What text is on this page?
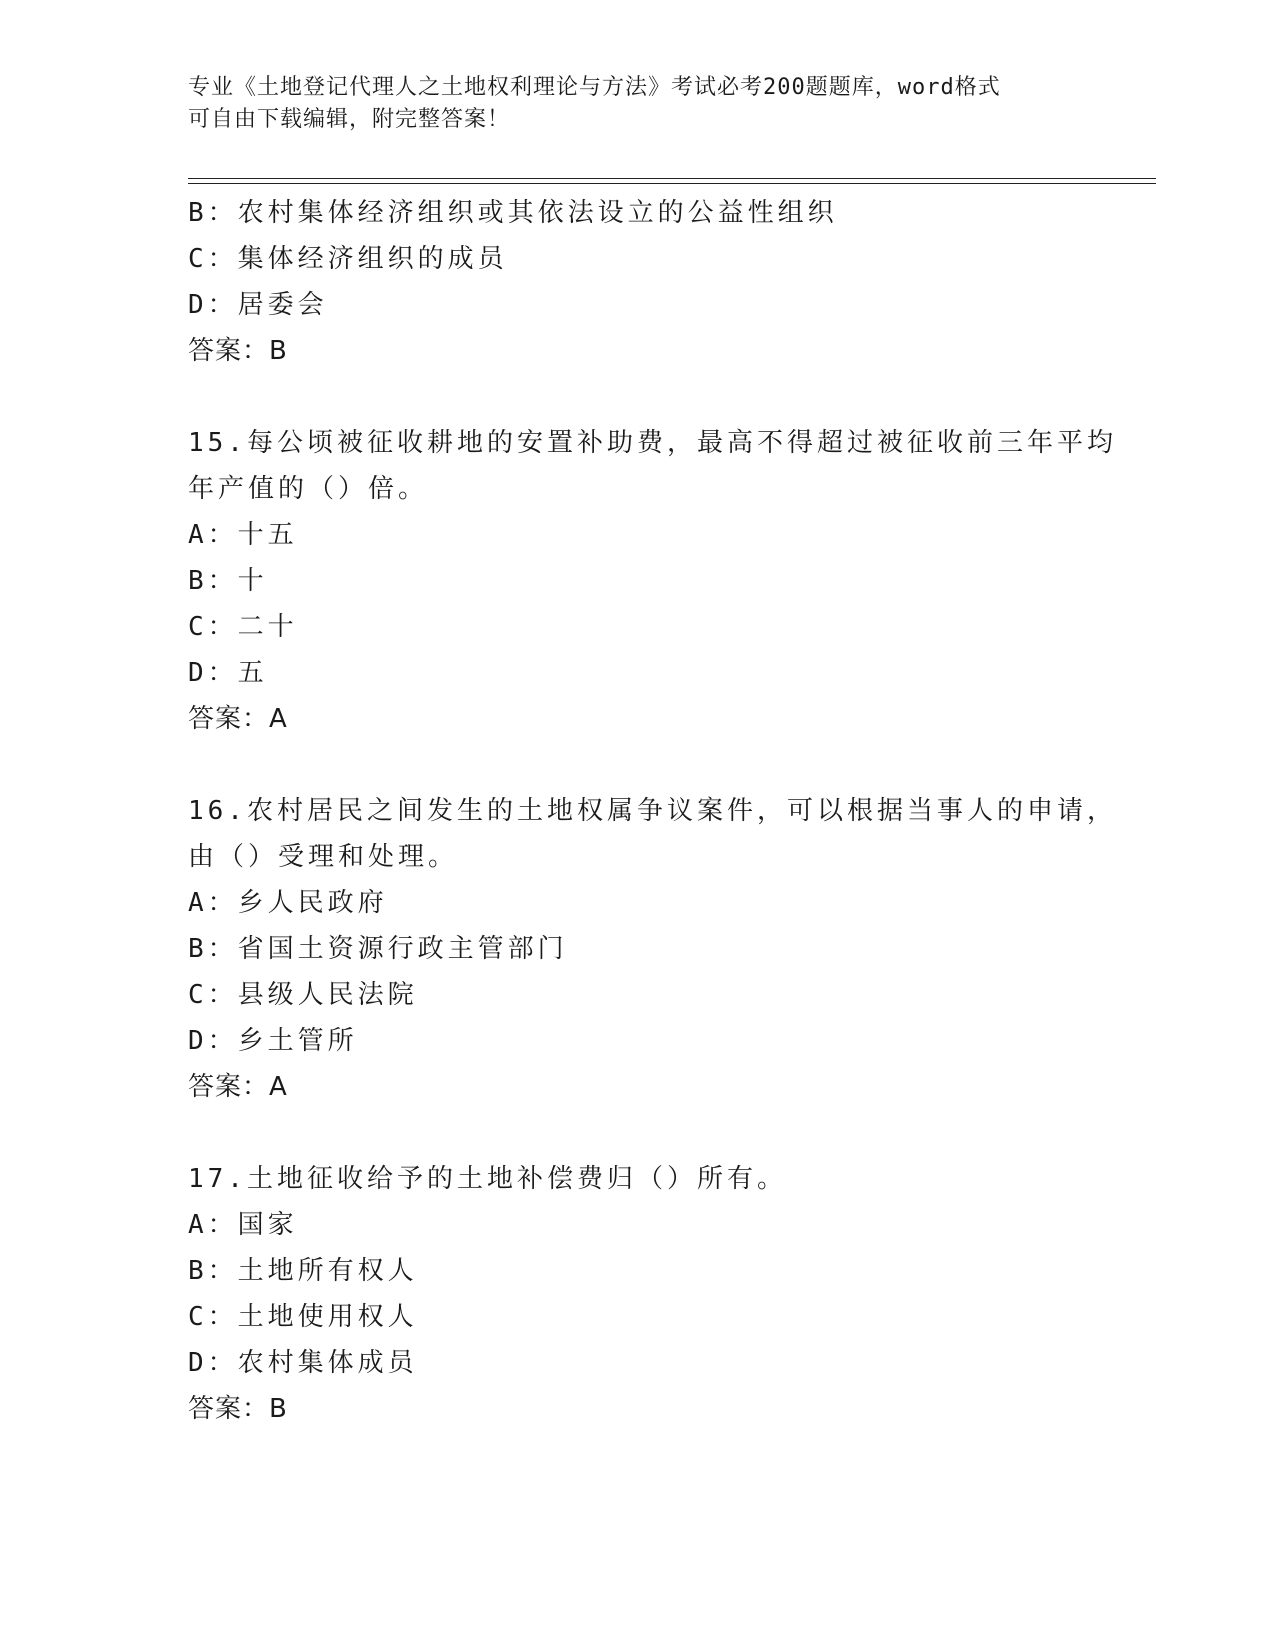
专业《土地登记代理人之土地权利理论与方法》考试必考200题题库，word格式
可自由下载编辑，附完整答案！
B：农村集体经济组织或其依法设立的公益性组织
C：集体经济组织的成员
D：居委会
答案：B
15.每公顷被征收耕地的安置补助费，最高不得超过被征收前三年平均
年产值的（）倍。
A：十五
B：十
C：二十
D：五
答案：A
16.农村居民之间发生的土地权属争议案件，可以根据当事人的申请，
由（）受理和处理。
A：乡人民政府
B：省国土资源行政主管部门
C：县级人民法院
D：乡土管所
答案：A
17.土地征收给予的土地补偿费归（）所有。
A：国家
B：土地所有权人
C：土地使用权人
D：农村集体成员
答案：B
